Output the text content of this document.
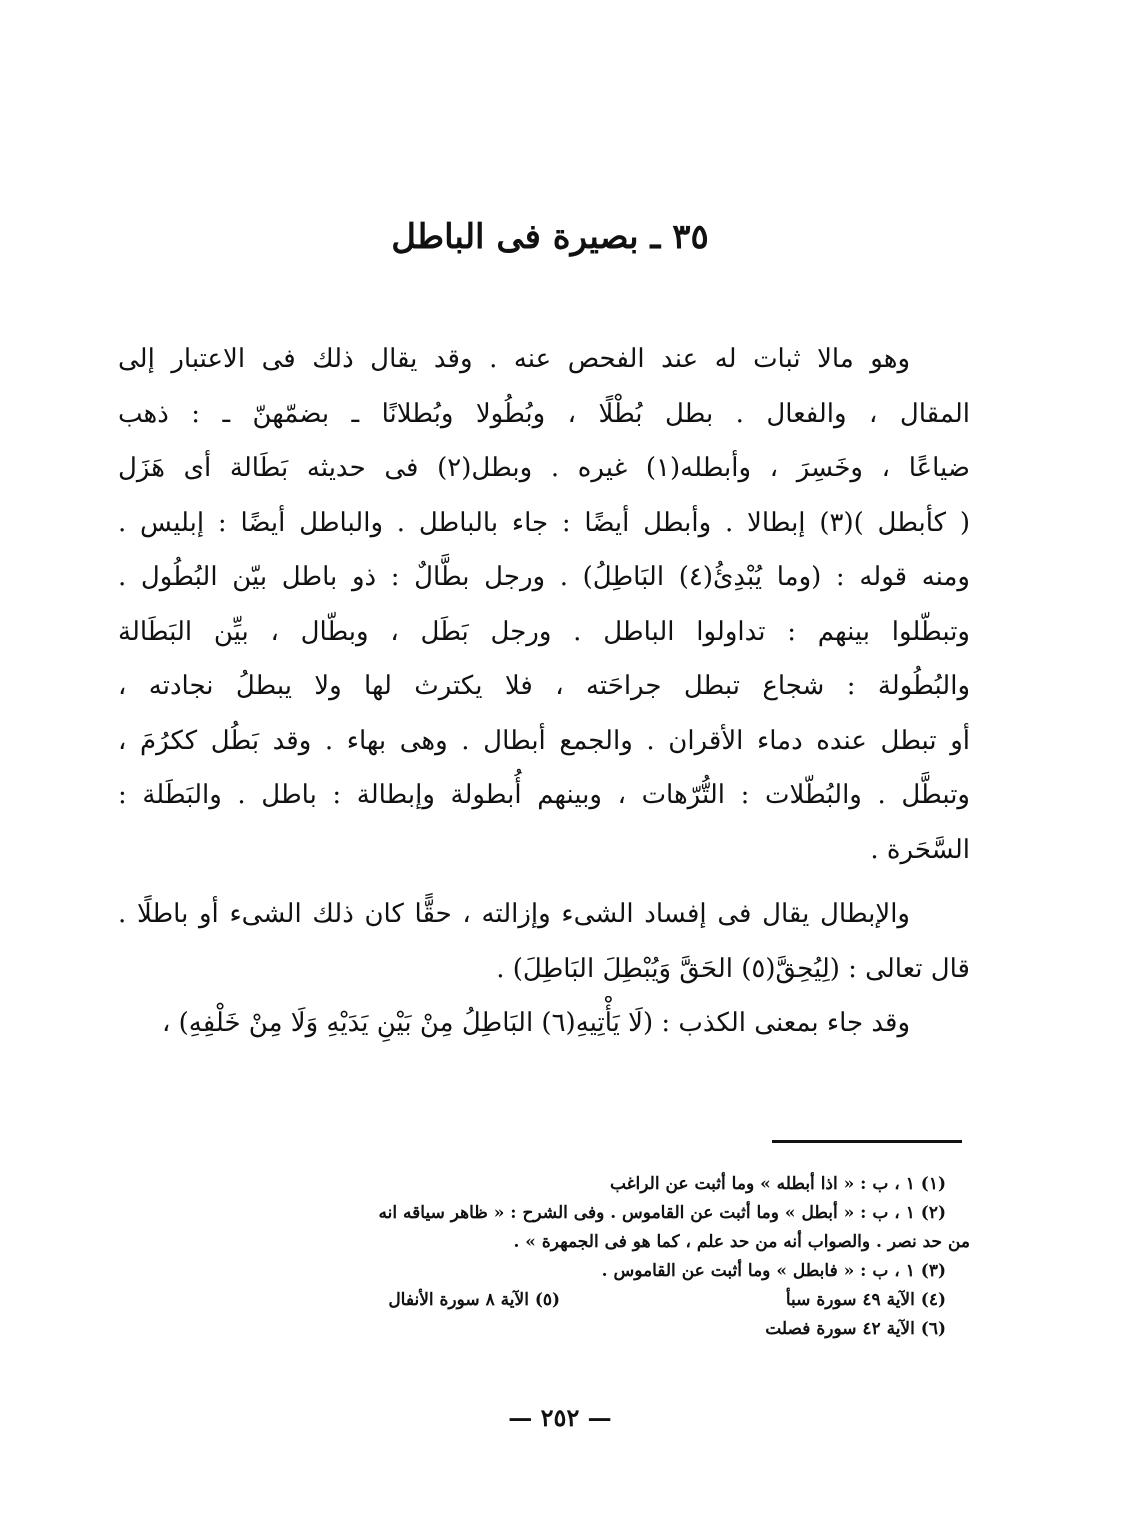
٣٥ ـ بصيرة فى الباطل
وهو مالا ثبات له عند الفحص عنه . وقد يقال ذلك فى الاعتبار إلى
المقال ، والفعال . بطل بُطْلًا ، وبُطُولا وبُطلانًا ـ بضمّهنّ ـ : ذهب
ضياعًا ، وخَسِرَ ، وأبطله(١) غيره . وبطل(٢) فى حديثه بَطَالة أى هَزَل
( كأبطل )(٣) إبطالا . وأبطل أيضًا : جاء بالباطل . والباطل أيضًا : إبليس .
ومنه قوله : (وما يُبْدِئُ(٤) البَاطِلُ) . ورجل بطَّالٌ : ذو باطل بيّن البُطُول .
وتبطّلوا بينهم : تداولوا الباطل . ورجل بَطَل ، وبطّال ، بيِّن البَطَالة
والبُطُولة : شجاع تبطل جراحَته ، فلا يكترث لها ولا يبطلُ نجادته ،
أو تبطل عنده دماء الأقران . والجمع أبطال . وهى بهاء . وقد بَطُل ككرُمَ ،
وتبطَّل . والبُطّلات : التُّرّهات ، وبينهم أُبطولة وإبطالة : باطل . والبَطَلة :
السَّحَرة .
والإبطال يقال فى إفساد الشىء وإزالته ، حقًّا كان ذلك الشىء أو باطلًا .
قال تعالى : (لِيُحِقَّ(٥) الحَقَّ وَيُبْطِلَ البَاطِلَ) .
وقد جاء بمعنى الكذب : (لَا يَأْتِيهِ(٦) البَاطِلُ مِنْ بَيْنِ يَدَيْهِ وَلَا مِنْ خَلْفِهِ) ،
(١) ١ ، ب : « اذا أبطله » وما أثبت عن الراغب
(٢) ١ ، ب : « أبطل » وما أثبت عن القاموس . وفى الشرح : « ظاهر سياقه انه
من حد نصر . والصواب أنه من حد علم ، كما هو فى الجمهرة » .
(٣) ١ ، ب : « فابطل » وما أثبت عن القاموس .
(٤) الآية ٤٩ سورة سبأ (٥) الآية ٨ سورة الأنفال
(٦) الآية ٤٢ سورة فصلت
— ٢٥٢ —
